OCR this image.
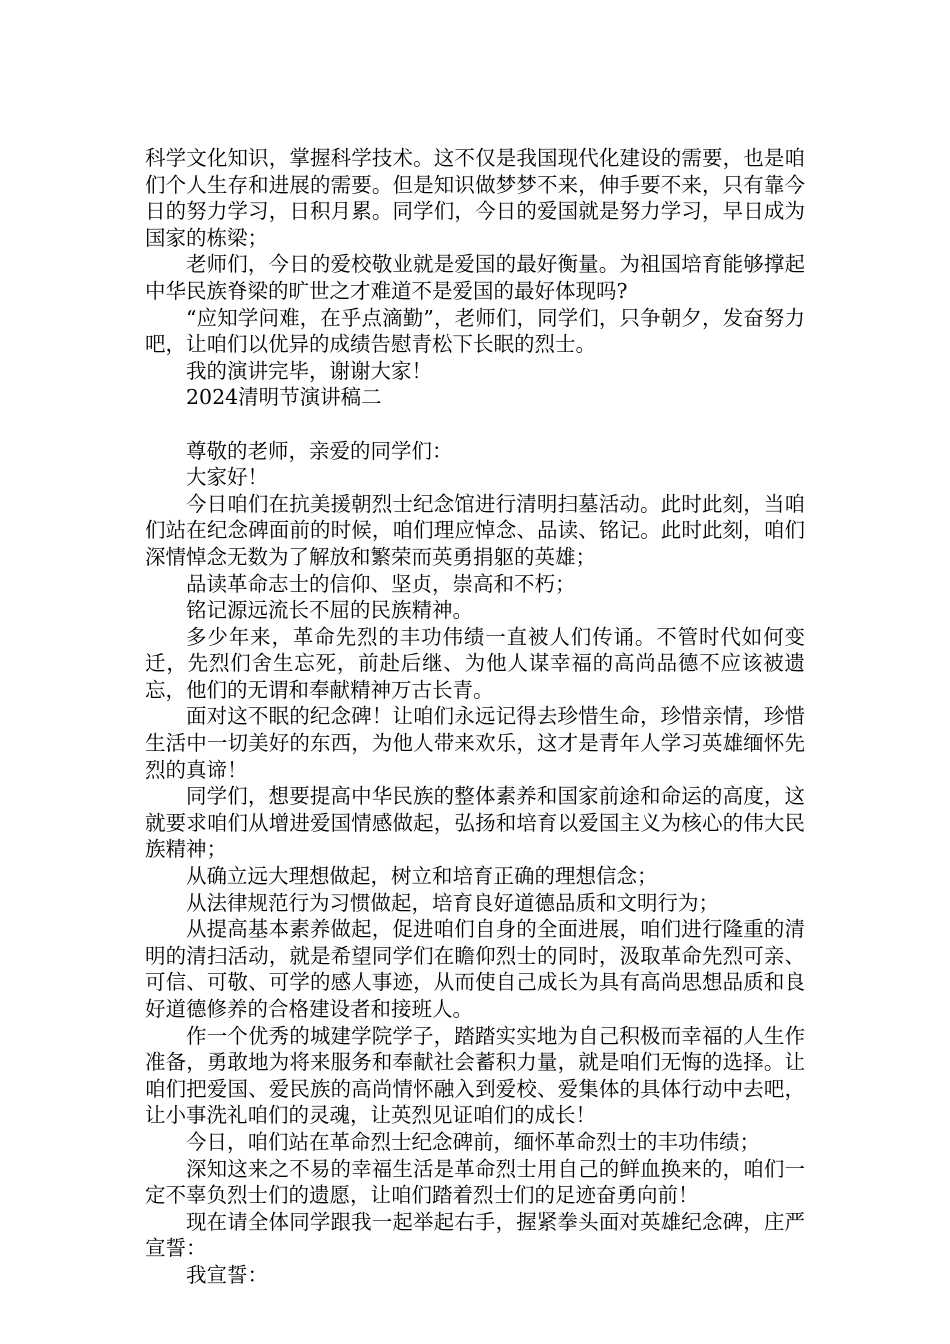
科学文化知识，掌握科学技术。这不仅是我国现代化建设的需要，也是咱们个人生存和进展的需要。但是知识做梦梦不来，伸手要不来，只有靠今日的努力学习，日积月累。同学们，今日的爱国就是努力学习，早日成为国家的栋梁；

老师们，今日的爱校敬业就是爱国的最好衡量。为祖国培育能够撑起中华民族脊梁的旷世之才难道不是爱国的最好体现吗?

“应知学问难，在乎点滴勤”，老师们，同学们，只争朝夕，发奋努力吧，让咱们以优异的成绩告慰青松下长眠的烈士。

我的演讲完毕，谢谢大家！

2024清明节演讲稿二

尊敬的老师，亲爱的同学们：

大家好！

今日咱们在抗美援朝烈士纪念馆进行清明扫墓活动。此时此刻，当咱们站在纪念碑面前的时候，咱们理应悼念、品读、铭记。此时此刻，咱们深情悼念无数为了解放和繁荣而英勇捐躯的英雄；

品读革命志士的信仰、坚贞，崇高和不朽；

铭记源远流长不屈的民族精神。

多少年来，革命先烈的丰功伟绩一直被人们传诵。不管时代如何变迁，先烈们舍生忘死，前赴后继、为他人谋幸福的高尚品德不应该被遗忘，他们的无谓和奉献精神万古长青。

面对这不眠的纪念碑！让咱们永远记得去珍惜生命，珍惜亲情，珍惜生活中一切美好的东西，为他人带来欢乐，这才是青年人学习英雄缅怀先烈的真谛！

同学们，想要提高中华民族的整体素养和国家前途和命运的高度，这就要求咱们从增进爱国情感做起，弘扬和培育以爱国主义为核心的伟大民族精神；

从确立远大理想做起，树立和培育正确的理想信念；

从法律规范行为习惯做起，培育良好道德品质和文明行为；

从提高基本素养做起，促进咱们自身的全面进展，咱们进行隆重的清明的清扫活动，就是希望同学们在瞻仰烈士的同时，汲取革命先烈可亲、可信、可敬、可学的感人事迹，从而使自己成长为具有高尚思想品质和良好道德修养的合格建设者和接班人。

作一个优秀的城建学院学子，踏踏实实地为自己积极而幸福的人生作准备，勇敢地为将来服务和奉献社会蓄积力量，就是咱们无悔的选择。让咱们把爱国、爱民族的高尚情怀融入到爱校、爱集体的具体行动中去吧，让小事洗礼咱们的灵魂，让英烈见证咱们的成长！

今日，咱们站在革命烈士纪念碑前，缅怀革命烈士的丰功伟绩；

深知这来之不易的幸福生活是革命烈士用自己的鲜血换来的，咱们一定不辜负烈士们的遗愿，让咱们踏着烈士们的足迹奋勇向前！

现在请全体同学跟我一起举起右手，握紧拳头面对英雄纪念碑，庄严宣誓：

我宣誓：
